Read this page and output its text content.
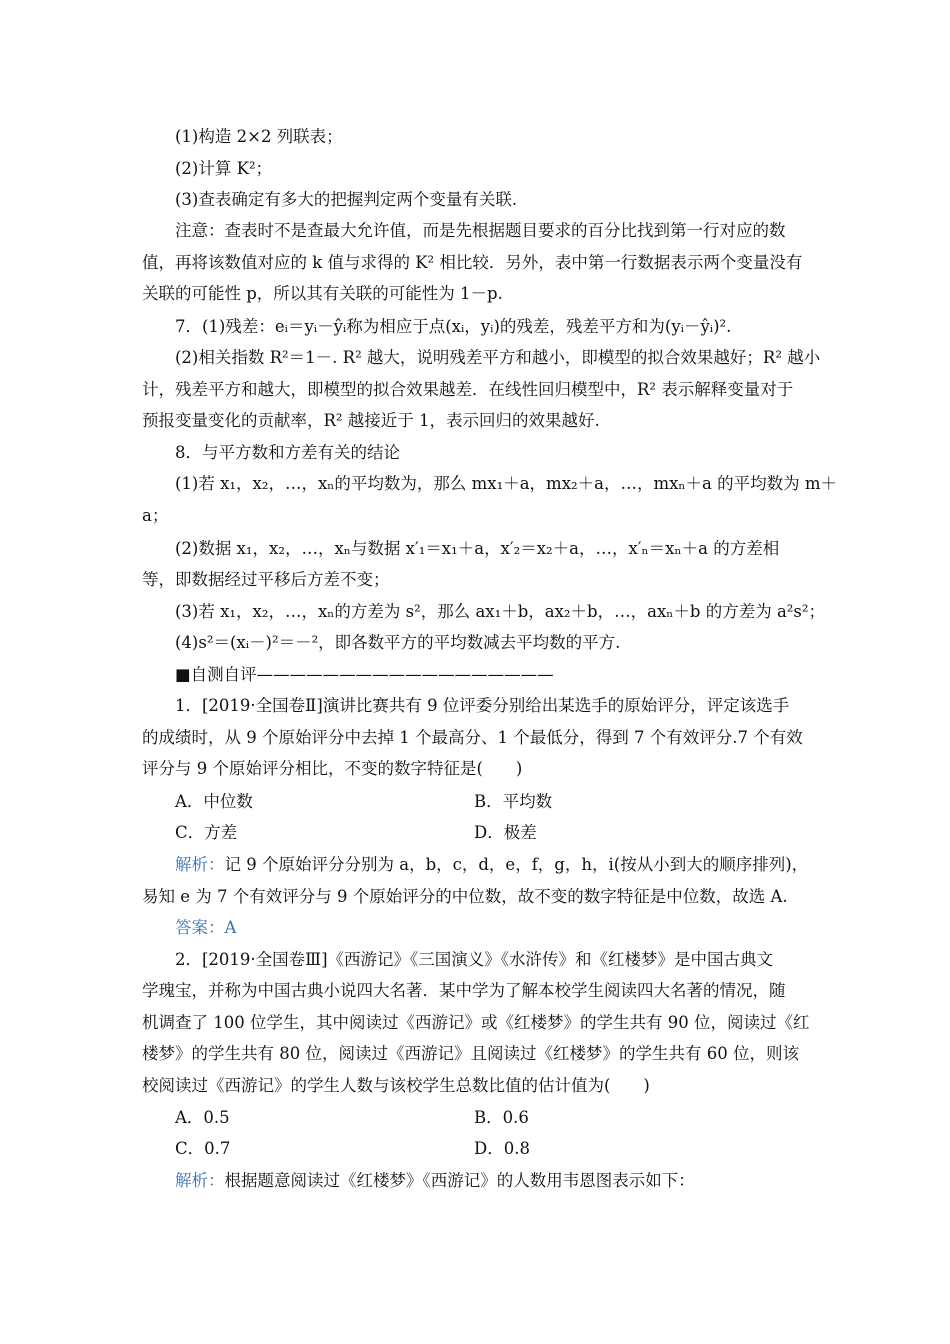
(1)构造 2×2 列联表；
(2)计算 K²；
(3)查表确定有多大的把握判定两个变量有关联.
注意：查表时不是查最大允许值，而是先根据题目要求的百分比找到第一行对应的数
值，再将该数值对应的 k 值与求得的 K² 相比较．另外，表中第一行数据表示两个变量没有
关联的可能性 p，所以其有关联的可能性为 1－p.
7．(1)残差：eᵢ＝yᵢ－ŷᵢ称为相应于点(xᵢ，yᵢ)的残差，残差平方和为(yᵢ－ŷᵢ)².
(2)相关指数 R²＝1－. R² 越大，说明残差平方和越小，即模型的拟合效果越好；R² 越小
计，残差平方和越大，即模型的拟合效果越差．在线性回归模型中，R² 表示解释变量对于
预报变量变化的贡献率，R² 越接近于 1，表示回归的效果越好.
8．与平方数和方差有关的结论
(1)若 x₁，x₂，…，xₙ的平均数为，那么 mx₁＋a，mx₂＋a，…，mxₙ＋a 的平均数为 m＋
a；
(2)数据 x₁，x₂，…，xₙ与数据 x′₁＝x₁＋a，x′₂＝x₂＋a，…，x′ₙ＝xₙ＋a 的方差相
等，即数据经过平移后方差不变；
(3)若 x₁，x₂，…，xₙ的方差为 s²，那么 ax₁＋b，ax₂＋b，…，axₙ＋b 的方差为 a²s²；
(4)s²＝(xᵢ－)²＝－²，即各数平方的平均数减去平均数的平方.
■自测自评——————————————————
1．[2019·全国卷Ⅱ]演讲比赛共有 9 位评委分别给出某选手的原始评分，评定该选手
的成绩时，从 9 个原始评分中去掉 1 个最高分、1 个最低分，得到 7 个有效评分.7 个有效
评分与 9 个原始评分相比，不变的数字特征是(　　)
A．中位数	B．平均数
C．方差	D．极差
解析：记 9 个原始评分分别为 a，b，c，d，e，f，g，h，i(按从小到大的顺序排列)，
易知 e 为 7 个有效评分与 9 个原始评分的中位数，故不变的数字特征是中位数，故选 A.
答案：A
2．[2019·全国卷Ⅲ]《西游记》《三国演义》《水浒传》和《红楼梦》是中国古典文
学瑰宝，并称为中国古典小说四大名著．某中学为了解本校学生阅读四大名著的情况，随
机调查了 100 位学生，其中阅读过《西游记》或《红楼梦》的学生共有 90 位，阅读过《红
楼梦》的学生共有 80 位，阅读过《西游记》且阅读过《红楼梦》的学生共有 60 位，则该
校阅读过《西游记》的学生人数与该校学生总数比值的估计值为(　　)
A．0.5	B．0.6
C．0.7	D．0.8
解析：根据题意阅读过《红楼梦》《西游记》的人数用韦恩图表示如下：
